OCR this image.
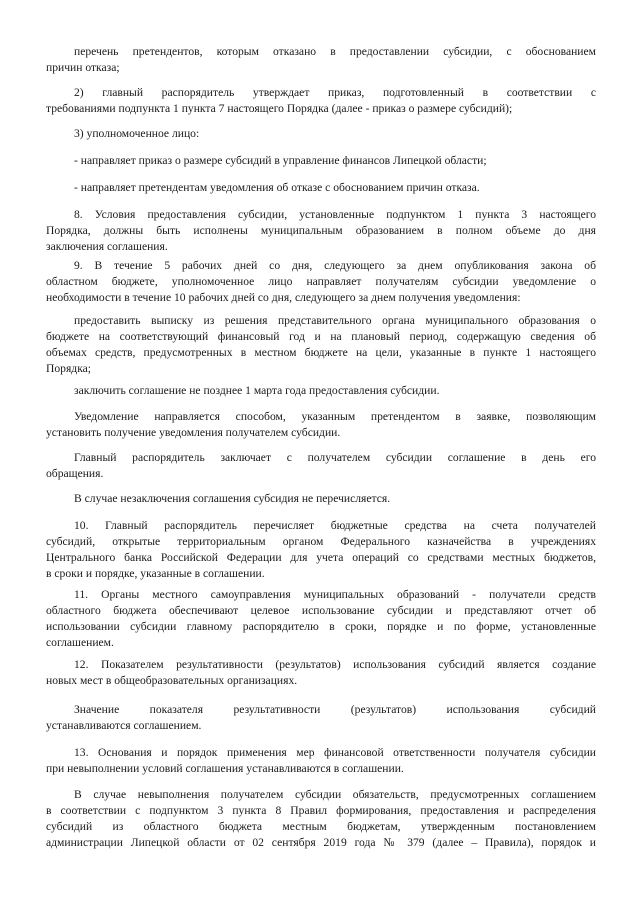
перечень претендентов, которым отказано в предоставлении субсидии, с обоснованием
причин отказа;
2) главный распорядитель утверждает приказ, подготовленный в соответствии с
требованиями подпункта 1 пункта 7 настоящего Порядка (далее - приказ о размере субсидий);
3) уполномоченное лицо:
- направляет приказ о размере субсидий в управление финансов Липецкой области;
- направляет претендентам уведомления об отказе с обоснованием причин отказа.
8. Условия предоставления субсидии, установленные подпунктом 1 пункта 3 настоящего
Порядка, должны быть исполнены муниципальным образованием в полном объеме до дня
заключения соглашения.
9. В течение 5 рабочих дней со дня, следующего за днем опубликования закона об
областном бюджете, уполномоченное лицо направляет получателям субсидии уведомление о
необходимости в течение 10 рабочих дней со дня, следующего за днем получения уведомления:
предоставить выписку из решения представительного органа муниципального образования о
бюджете на соответствующий финансовый год и на плановый период, содержащую сведения об
объемах средств, предусмотренных в местном бюджете на цели, указанные в пункте 1 настоящего
Порядка;
заключить соглашение не позднее 1 марта года предоставления субсидии.
Уведомление направляется способом, указанным претендентом в заявке, позволяющим
установить получение уведомления получателем субсидии.
Главный распорядитель заключает с получателем субсидии соглашение в день его
обращения.
В случае незаключения соглашения субсидия не перечисляется.
10. Главный распорядитель перечисляет бюджетные средства на счета получателей
субсидий, открытые территориальным органом Федерального казначейства в учреждениях
Центрального банка Российской Федерации для учета операций со средствами местных бюджетов,
в сроки и порядке, указанные в соглашении.
11. Органы местного самоуправления муниципальных образований - получатели средств
областного бюджета обеспечивают целевое использование субсидии и представляют отчет об
использовании субсидии главному распорядителю в сроки, порядке и по форме, установленные
соглашением.
12. Показателем результативности (результатов) использования субсидий является создание
новых мест в общеобразовательных организациях.
Значение показателя результативности (результатов) использования субсидий
устанавливаются соглашением.
13. Основания и порядок применения мер финансовой ответственности получателя субсидии
при невыполнении условий соглашения устанавливаются в соглашении.
В случае невыполнения получателем субсидии обязательств, предусмотренных соглашением
в соответствии с подпунктом 3 пункта 8 Правил формирования, предоставления и распределения
субсидий из областного бюджета местным бюджетам, утвержденным постановлением
администрации Липецкой области от 02 сентября 2019 года № 379 (далее – Правила), порядок и
